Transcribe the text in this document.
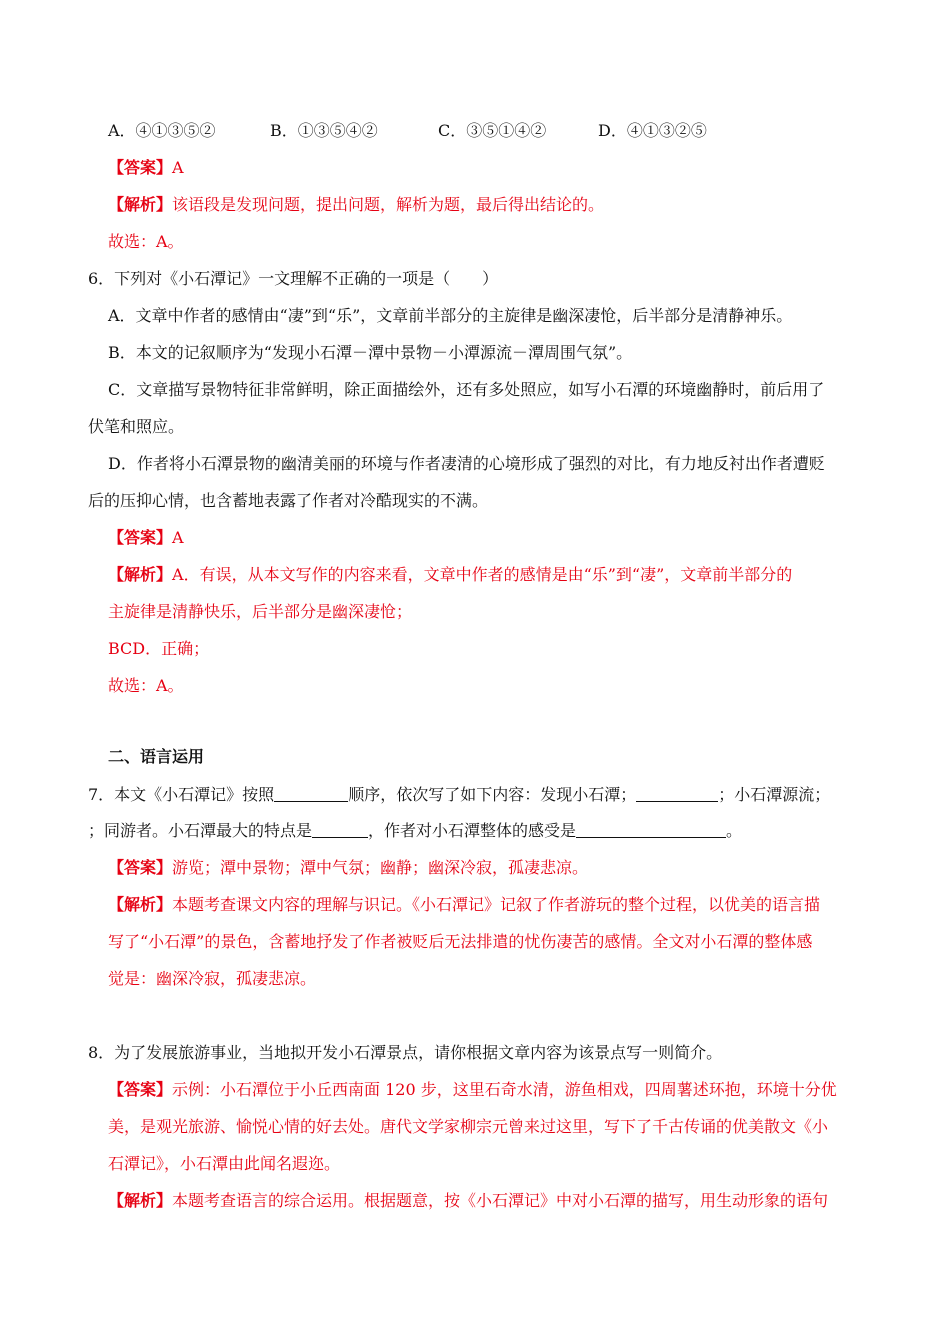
A．④①③⑤②	B．①③⑤④②	C．③⑤①④②	D．④①③②⑤
【答案】A
【解析】该语段是发现问题，提出问题，解析为题，最后得出结论的。
故选：A。
6．下列对《小石潭记》一文理解不正确的一项是（　　）
A．文章中作者的感情由“凄”到“乐”，文章前半部分的主旋律是幽深凄怆，后半部分是清静神乐。
B．本文的记叙顺序为“发现小石潭－潭中景物－小潭源流－潭周围气氛”。
C．文章描写景物特征非常鲜明，除正面描绘外，还有多处照应，如写小石潭的环境幽静时，前后用了
伏笔和照应。
D．作者将小石潭景物的幽清美丽的环境与作者凄清的心境形成了强烈的对比，有力地反衬出作者遭贬
后的压抑心情，也含蓄地表露了作者对冷酷现实的不满。
【答案】A
【解析】A．有误，从本文写作的内容来看，文章中作者的感情是由“乐”到“凄”，文章前半部分的
主旋律是清静快乐，后半部分是幽深凄怆；
BCD．正确；
故选：A。
二、语言运用
7．本文《小石潭记》按照	顺序，依次写了如下内容：发现小石潭；	；小石潭源流；
；同游者。小石潭最大的特点是	，作者对小石潭整体的感受是	。
【答案】游览；潭中景物；潭中气氛；幽静；幽深冷寂，孤凄悲凉。
【解析】本题考查课文内容的理解与识记。《小石潭记》记叙了作者游玩的整个过程，以优美的语言描
写了“小石潭”的景色，含蓄地抒发了作者被贬后无法排遣的忧伤凄苦的感情。全文对小石潭的整体感
觉是：幽深冷寂，孤凄悲凉。
8．为了发展旅游事业，当地拟开发小石潭景点，请你根据文章内容为该景点写一则简介。
【答案】示例：小石潭位于小丘西南面 120 步，这里石奇水清，游鱼相戏，四周薯述环抱，环境十分优
美，是观光旅游、愉悦心情的好去处。唐代文学家柳宗元曾来过这里，写下了千古传诵的优美散文《小
石潭记》，小石潭由此闻名遐迩。
【解析】本题考查语言的综合运用。根据题意，按《小石潭记》中对小石潭的描写，用生动形象的语句
